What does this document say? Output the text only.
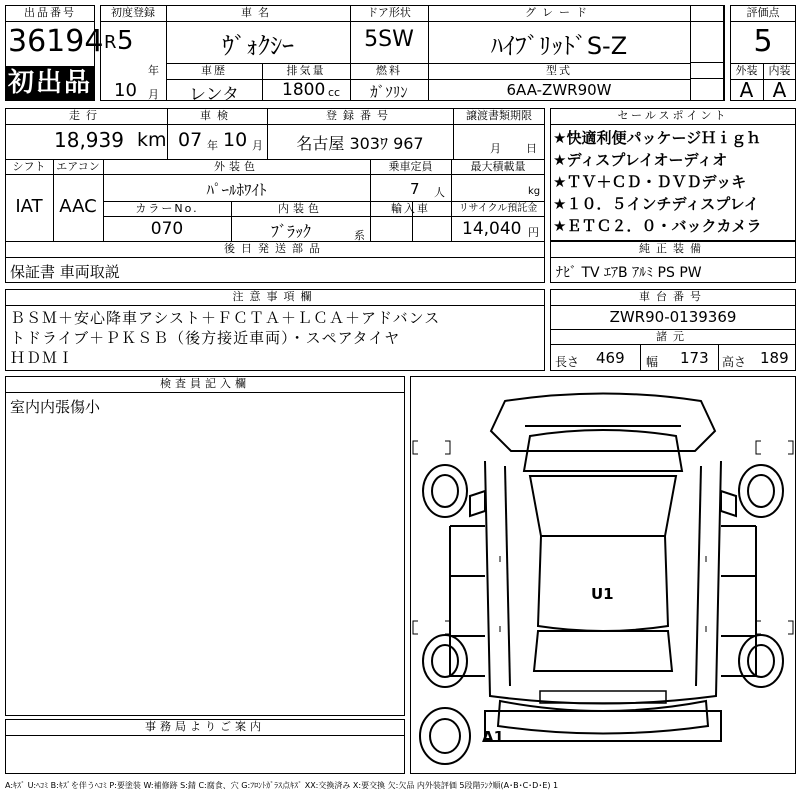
出品番号
36194
初出品
初度登録
R 5
年
10 月
車名
ｳﾞｫｸｼｰ
ドア形状
5SW
グレード
ﾊｲﾌﾞﾘｯﾄﾞS-Z
車歴
レンタ
排気量
1800 cc
燃料
ｶﾞｿﾘﾝ
型式
6AA-ZWR90W
評価点
5
外装
A
内装
A
走行
18,939 km
車検
07 年 10 月
登録番号
名古屋 303ﾜ 967
譲渡書類期限
月 日
シフト
IAT
エアコン
AAC
外装色
ﾊﾟｰﾙﾎﾜｲﾄ
乗車定員
7 人
最大積載量
kg
カラーNo.
070
内装色
ﾌﾞﾗｯｸ	系
輸入車	リサイクル預託金
14,040 円
後日発送部品
保証書 車両取説
セールスポイント
★快適利便パッケージＨｉｇｈ
★ディスプレイオーディオ
★ＴＶ＋ＣＤ・ＤＶＤデッキ
★１０．５インチディスプレイ
★ＥＴＣ２．０・バックカメラ
純正装備
ﾅﾋﾞ TV ｴｱB ｱﾙﾐ PS PW
注意事項欄
ＢＳＭ＋安心降車アシスト＋ＦＣＴＡ＋ＬＣＡ＋アドバンス
トドライブ＋ＰＫＳＢ（後方接近車両）・スペアタイヤ
ＨＤＭＩ
車台番号
ZWR90-0139369
諸元
長さ 469 幅 173 高さ 189
検査員記入欄
室内内張傷小
事務局よりご案内
U1
A1
A:ｷｽﾞ U:ﾍｺﾐ B:ｷｽﾞを伴うﾍｺﾐ P:要塗装 W:補修跡 S:錆 C:腐食、穴 G:ﾌﾛﾝﾄｶﾞﾗｽ点ｷｽﾞ XX:交換済み X:要交換 欠:欠品 内外装評価 5段階ﾗﾝｸ順(A･B･C･D･E) 1
